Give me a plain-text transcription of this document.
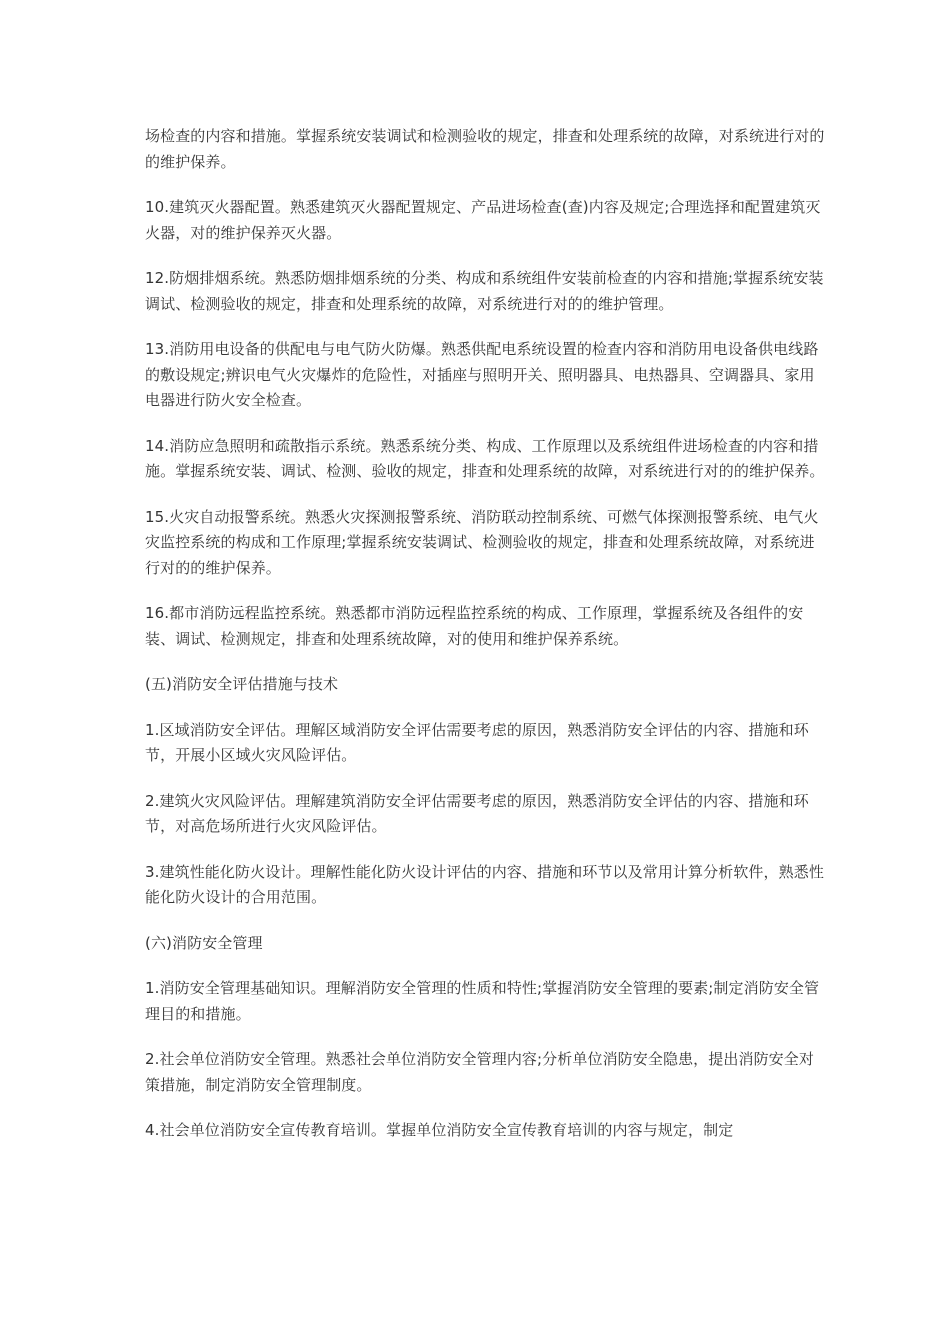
场检查的内容和措施。掌握系统安装调试和检测验收的规定，排查和处理系统的故障，对系统进行对的的维护保养。

10.建筑灭火器配置。熟悉建筑灭火器配置规定、产品进场检查(查)内容及规定;合理选择和配置建筑灭火器，对的维护保养灭火器。

12.防烟排烟系统。熟悉防烟排烟系统的分类、构成和系统组件安装前检查的内容和措施;掌握系统安装调试、检测验收的规定，排查和处理系统的故障，对系统进行对的的维护管理。

13.消防用电设备的供配电与电气防火防爆。熟悉供配电系统设置的检查内容和消防用电设备供电线路的敷设规定;辨识电气火灾爆炸的危险性，对插座与照明开关、照明器具、电热器具、空调器具、家用电器进行防火安全检查。

14.消防应急照明和疏散指示系统。熟悉系统分类、构成、工作原理以及系统组件进场检查的内容和措施。掌握系统安装、调试、检测、验收的规定，排查和处理系统的故障，对系统进行对的的维护保养。

15.火灾自动报警系统。熟悉火灾探测报警系统、消防联动控制系统、可燃气体探测报警系统、电气火灾监控系统的构成和工作原理;掌握系统安装调试、检测验收的规定，排查和处理系统故障，对系统进行对的的维护保养。

16.都市消防远程监控系统。熟悉都市消防远程监控系统的构成、工作原理，掌握系统及各组件的安装、调试、检测规定，排查和处理系统故障，对的使用和维护保养系统。

(五)消防安全评估措施与技术

1.区域消防安全评估。理解区域消防安全评估需要考虑的原因，熟悉消防安全评估的内容、措施和环节，开展小区域火灾风险评估。

2.建筑火灾风险评估。理解建筑消防安全评估需要考虑的原因，熟悉消防安全评估的内容、措施和环节，对高危场所进行火灾风险评估。

3.建筑性能化防火设计。理解性能化防火设计评估的内容、措施和环节以及常用计算分析软件，熟悉性能化防火设计的合用范围。

(六)消防安全管理

1.消防安全管理基础知识。理解消防安全管理的性质和特性;掌握消防安全管理的要素;制定消防安全管理目的和措施。

2.社会单位消防安全管理。熟悉社会单位消防安全管理内容;分析单位消防安全隐患，提出消防安全对策措施，制定消防安全管理制度。

4.社会单位消防安全宣传教育培训。掌握单位消防安全宣传教育培训的内容与规定，制定
